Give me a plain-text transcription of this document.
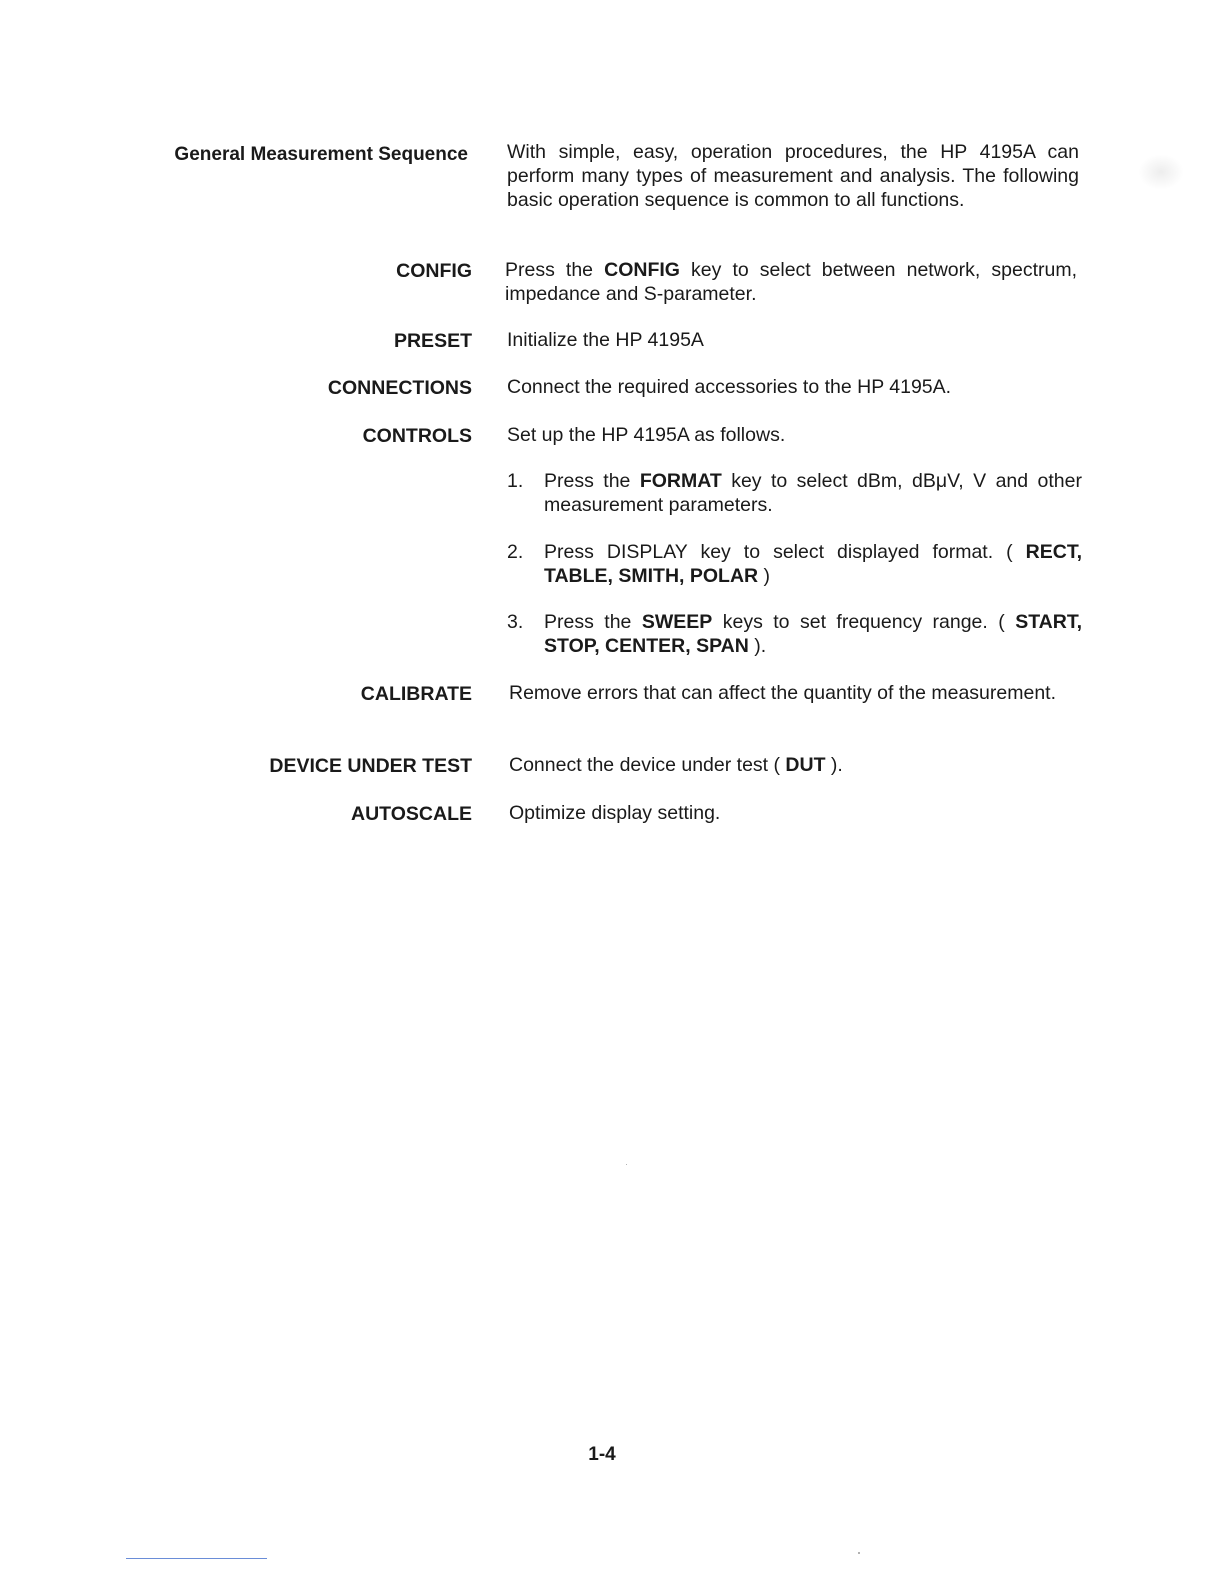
General Measurement Sequence With simple, easy, operation procedures, the HP 4195A can perform many types of measurement and analysis. The following basic operation sequence is common to all functions.
CONFIG Press the CONFIG key to select between network, spectrum, impedance and S-parameter.
PRESET Initialize the HP 4195A
CONNECTIONS Connect the required accessories to the HP 4195A.
CONTROLS Set up the HP 4195A as follows.
1. Press the FORMAT key to select dBm, dBμV, V and other measurement parameters.
2. Press DISPLAY key to select displayed format. ( RECT, TABLE, SMITH, POLAR )
3. Press the SWEEP keys to set frequency range. ( START, STOP, CENTER, SPAN ).
CALIBRATE Remove errors that can affect the quantity of the measurement.
DEVICE UNDER TEST Connect the device under test ( DUT ).
AUTOSCALE Optimize display setting.
1-4
